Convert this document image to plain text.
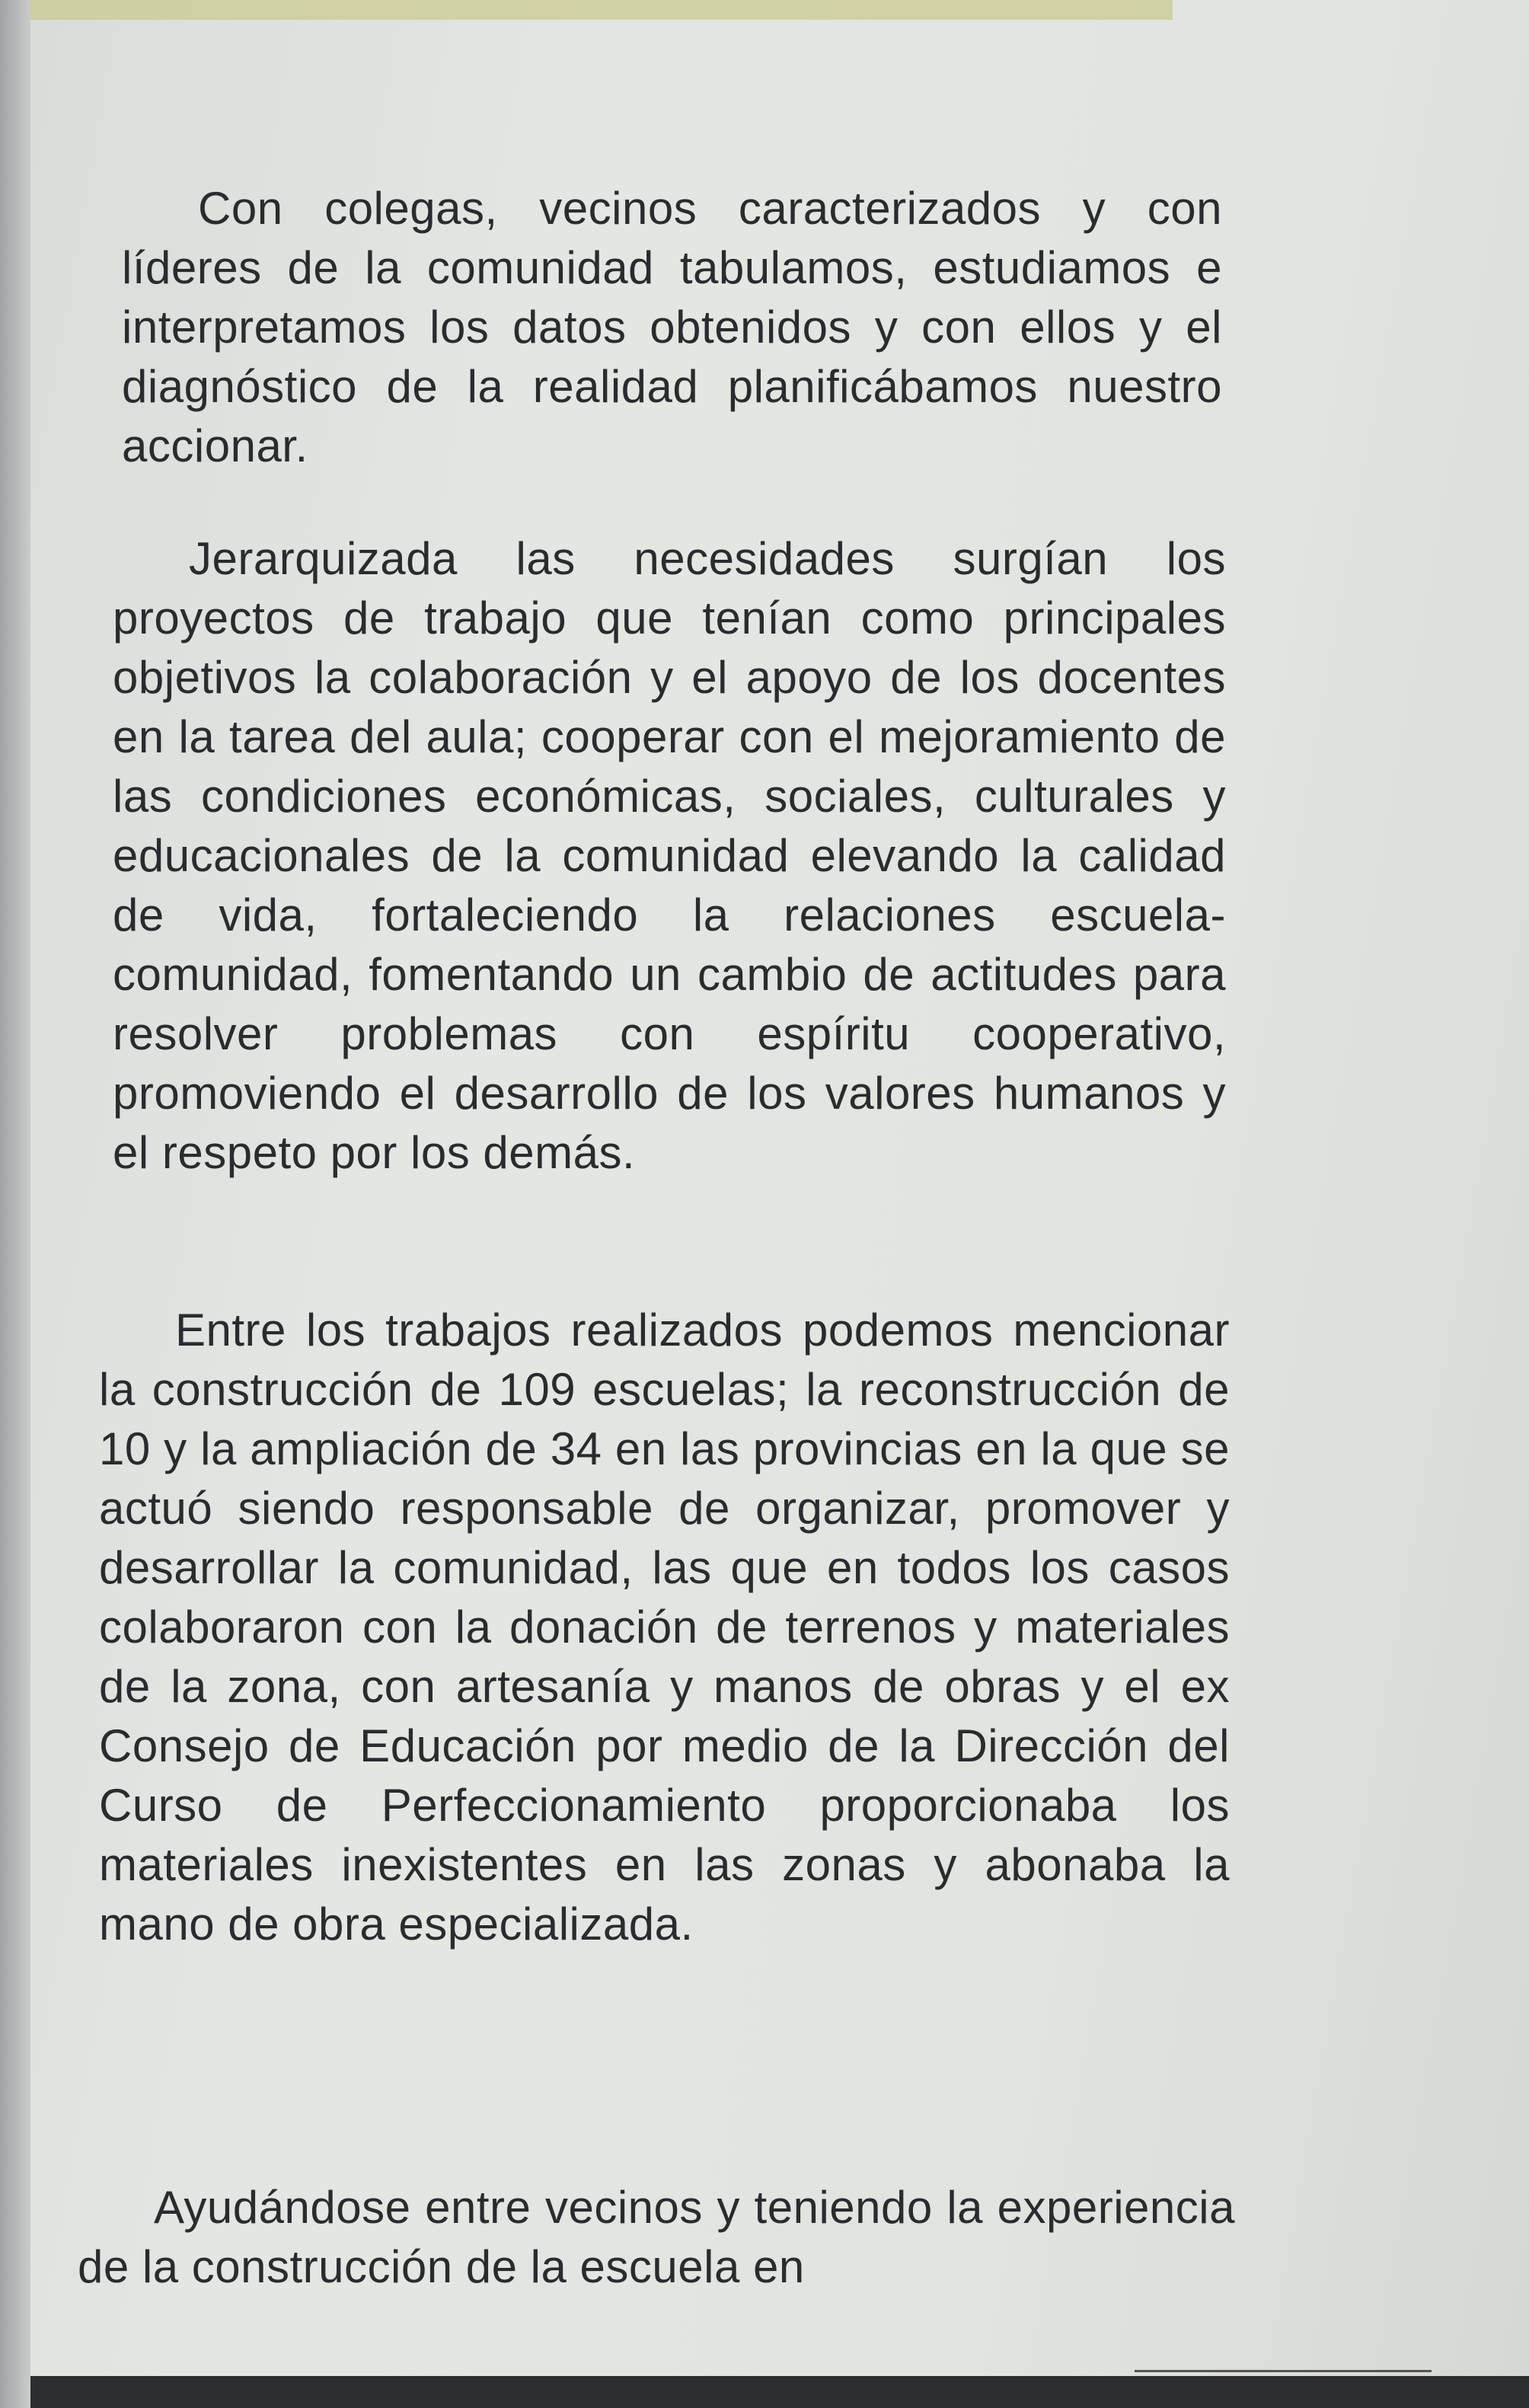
Con colegas, vecinos caracterizados y con líderes de la comunidad tabulamos, estudiamos e interpretamos los datos obtenidos y con ellos y el diagnóstico de la realidad planificábamos nuestro accionar.

Jerarquizada las necesidades surgían los proyectos de trabajo que tenían como principales objetivos la colaboración y el apoyo de los docentes en la tarea del aula; cooperar con el mejoramiento de las condiciones económicas, sociales, culturales y educacionales de la comunidad elevando la calidad de vida, fortaleciendo la relaciones escuela-comunidad, fomentando un cambio de actitudes para resolver problemas con espíritu cooperativo, promoviendo el desarrollo de los valores humanos y el respeto por los demás.

Entre los trabajos realizados podemos mencionar la construcción de 109 escuelas; la reconstrucción de 10 y la ampliación de 34 en las provincias en la que se actuó siendo responsable de organizar, promover y desarrollar la comunidad, las que en todos los casos colaboraron con la donación de terrenos y materiales de la zona, con artesanía y manos de obras y el ex Consejo de Educación por medio de la Dirección del Curso de Perfeccionamiento proporcionaba los materiales inexistentes en las zonas y abonaba la mano de obra especializada.

Ayudándose entre vecinos y teniendo la experiencia de la construcción de la escuela en
